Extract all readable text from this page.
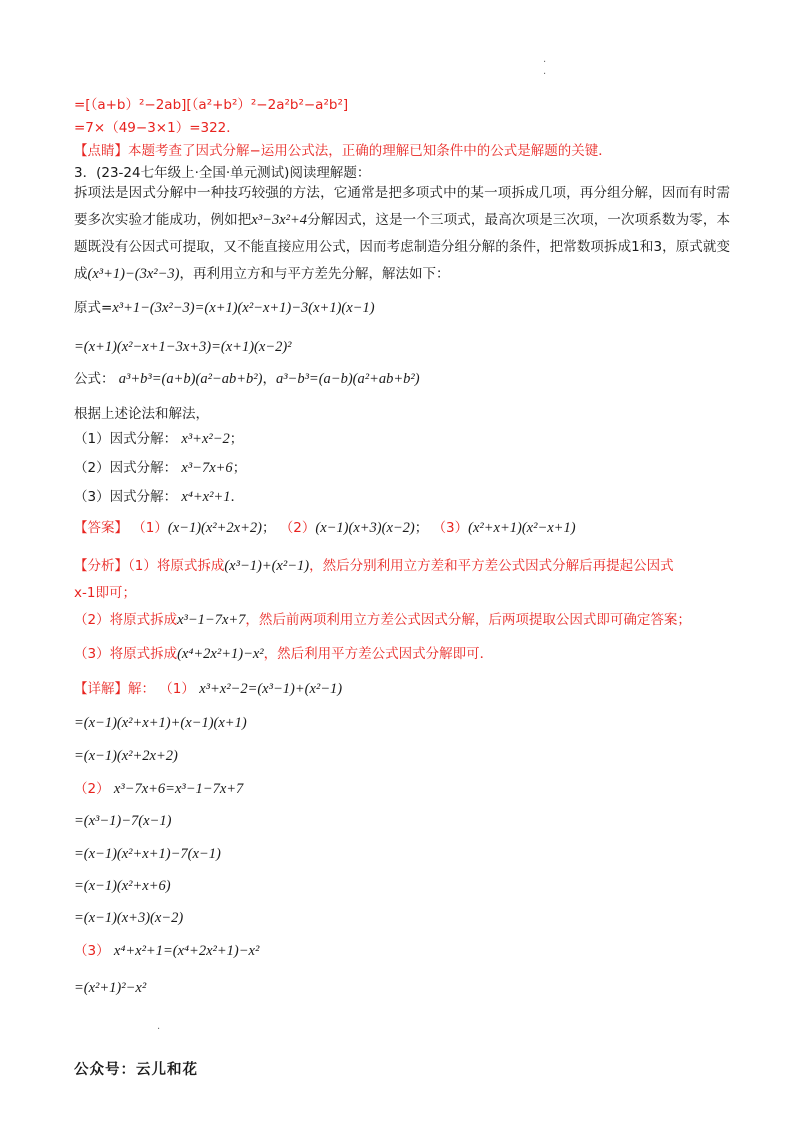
.
.
=[（a+b）²−2ab][（a²+b²）²−2a²b²−a²b²]
=7×（49−3×1）=322．
【点睛】本题考查了因式分解−运用公式法，正确的理解已知条件中的公式是解题的关键．
3．(23-24七年级上·全国·单元测试)阅读理解题：
拆项法是因式分解中一种技巧较强的方法，它通常是把多项式中的某一项拆成几项，再分组分解，因而有时需要多次实验才能成功，例如把x³−3x²+4分解因式，这是一个三项式，最高次项是三次项，一次项系数为零，本题既没有公因式可提取，又不能直接应用公式，因而考虑制造分组分解的条件，把常数项拆成1和3，原式就变成(x³+1)−(3x²−3)，再利用立方和与平方差先分解，解法如下：
原式=x³+1−(3x²−3)=(x+1)(x²−x+1)−3(x+1)(x−1)
=(x+1)(x²−x+1−3x+3)=(x+1)(x−2)²
公式： a³+b³=(a+b)(a²−ab+b²)，a³−b³=(a−b)(a²+ab+b²)
根据上述论法和解法，
（1）因式分解： x³+x²−2；
（2）因式分解： x³−7x+6；
（3）因式分解： x⁴+x²+1．
【答案】 （1）(x−1)(x²+2x+2)； （2）(x−1)(x+3)(x−2)； （3）(x²+x+1)(x²−x+1)
【分析】（1）将原式拆成(x³−1)+(x²−1)，然后分别利用立方差和平方差公式因式分解后再提起公因式
x-1即可；
（2）将原式拆成x³−1−7x+7，然后前两项利用立方差公式因式分解，后两项提取公因式即可确定答案；
（3）将原式拆成(x⁴+2x²+1)−x²，然后利用平方差公式因式分解即可．
【详解】解： （1） x³+x²−2=(x³−1)+(x²−1)
=(x−1)(x²+x+1)+(x−1)(x+1)
=(x−1)(x²+2x+2)
（2） x³−7x+6=x³−1−7x+7
=(x³−1)−7(x−1)
=(x−1)(x²+x+1)−7(x−1)
=(x−1)(x²+x+6)
=(x−1)(x+3)(x−2)
（3） x⁴+x²+1=(x⁴+2x²+1)−x²
=(x²+1)²−x²
.
公众号：云儿和花
